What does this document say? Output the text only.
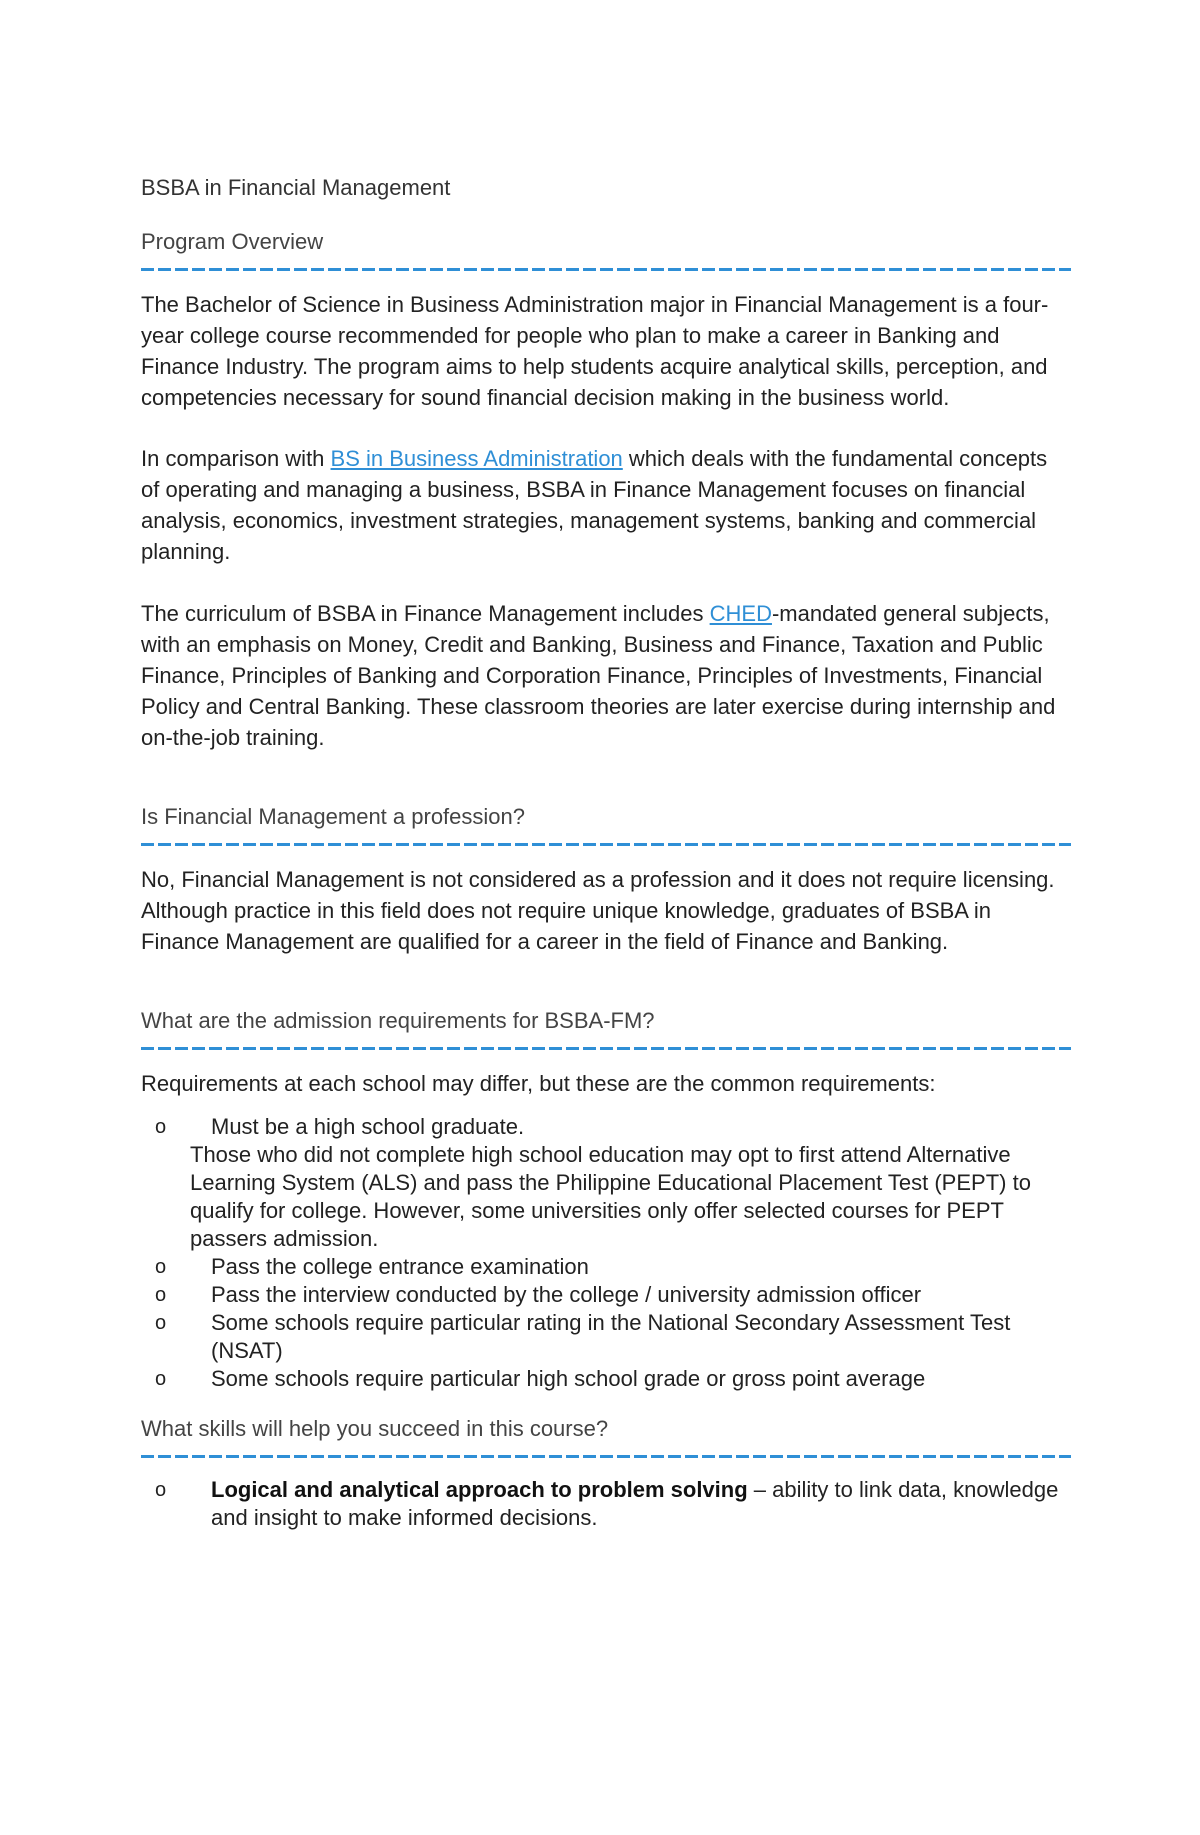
BSBA in Financial Management

Program Overview

The Bachelor of Science in Business Administration major in Financial Management is a four-year college course recommended for people who plan to make a career in Banking and Finance Industry. The program aims to help students acquire analytical skills, perception, and competencies necessary for sound financial decision making in the business world.

In comparison with BS in Business Administration which deals with the fundamental concepts of operating and managing a business, BSBA in Finance Management focuses on financial analysis, economics, investment strategies, management systems, banking and commercial planning.

The curriculum of BSBA in Finance Management includes CHED-mandated general subjects, with an emphasis on Money, Credit and Banking, Business and Finance, Taxation and Public Finance, Principles of Banking and Corporation Finance, Principles of Investments, Financial Policy and Central Banking. These classroom theories are later exercise during internship and on-the-job training.

Is Financial Management a profession?

No, Financial Management is not considered as a profession and it does not require licensing. Although practice in this field does not require unique knowledge, graduates of BSBA in Finance Management are qualified for a career in the field of Finance and Banking.

What are the admission requirements for BSBA-FM?

Requirements at each school may differ, but these are the common requirements:

o Must be a high school graduate.
Those who did not complete high school education may opt to first attend Alternative Learning System (ALS) and pass the Philippine Educational Placement Test (PEPT) to qualify for college. However, some universities only offer selected courses for PEPT passers admission.
o Pass the college entrance examination
o Pass the interview conducted by the college / university admission officer
o Some schools require particular rating in the National Secondary Assessment Test (NSAT)
o Some schools require particular high school grade or gross point average

What skills will help you succeed in this course?

o Logical and analytical approach to problem solving – ability to link data, knowledge and insight to make informed decisions.
